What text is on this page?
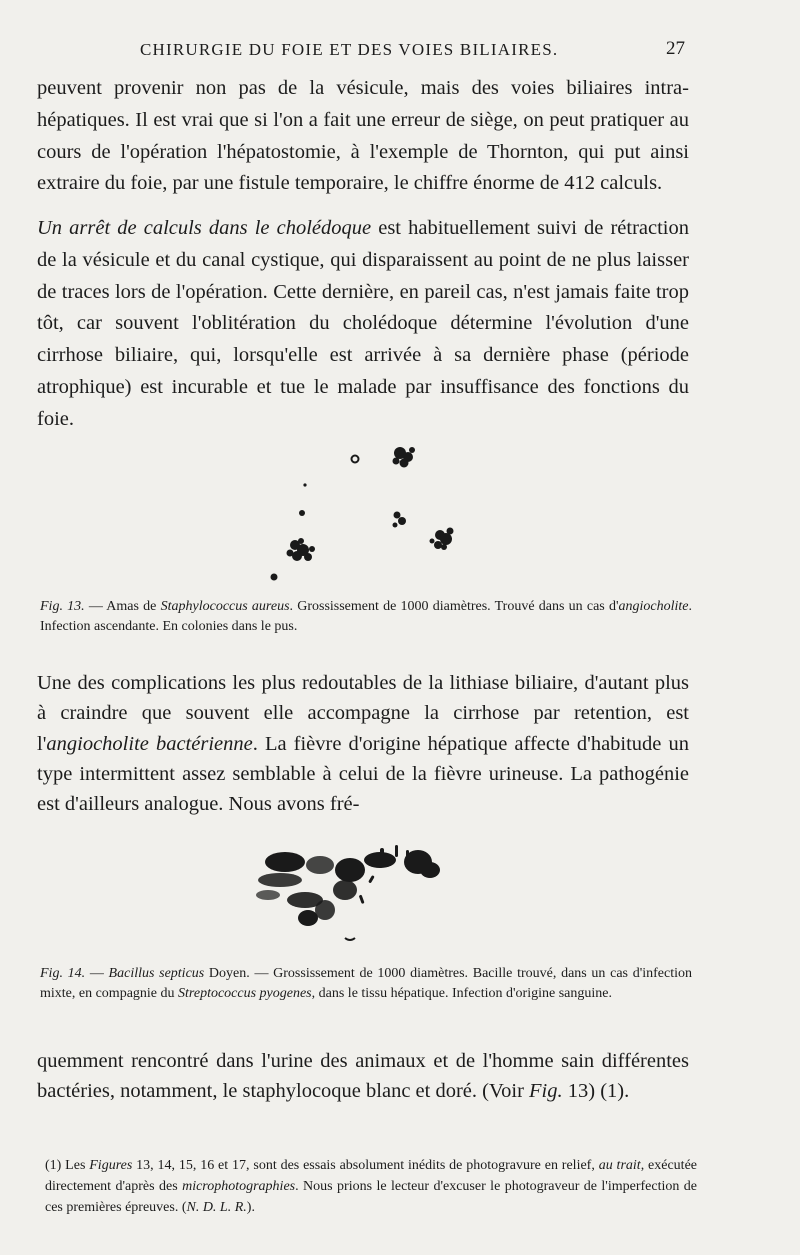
CHIRURGIE DU FOIE ET DES VOIES BILIAIRES.	27

peuvent provenir non pas de la vésicule, mais des voies biliaires intra-hépatiques. Il est vrai que si l'on a fait une erreur de siège, on peut pratiquer au cours de l'opération l'hépatostomie, à l'exemple de Thornton, qui put ainsi extraire du foie, par une fistule temporaire, le chiffre énorme de 412 calculs.

Un arrêt de calculs dans le cholédoque est habituellement suivi de rétraction de la vésicule et du canal cystique, qui disparaissent au point de ne plus laisser de traces lors de l'opération. Cette dernière, en pareil cas, n'est jamais faite trop tôt, car souvent l'oblitération du cholédoque détermine l'évolution d'une cirrhose biliaire, qui, lorsqu'elle est arrivée à sa dernière phase (période atrophique) est incurable et tue le malade par insuffisance des fonctions du foie.

Fig. 13. — Amas de Staphylococcus aureus. Grossissement de 1000 diamètres. Trouvé dans un cas d'angiocholite. Infection ascendante. En colonies dans le pus.

Une des complications les plus redoutables de la lithiase biliaire, d'autant plus à craindre que souvent elle accompagne la cirrhose par retention, est l'angiocholite bactérienne. La fièvre d'origine hépatique affecte d'habitude un type intermittent assez semblable à celui de la fièvre urineuse. La pathogénie est d'ailleurs analogue. Nous avons fré-

Fig. 14. — Bacillus septicus Doyen. — Grossissement de 1000 diamètres. Bacille trouvé, dans un cas d'infection mixte, en compagnie du Streptococcus pyogenes, dans le tissu hépatique. Infection d'origine sanguine.

quemment rencontré dans l'urine des animaux et de l'homme sain différentes bactéries, notamment, le staphylocoque blanc et doré. (Voir Fig. 13) (1).

(1) Les Figures 13, 14, 15, 16 et 17, sont des essais absolument inédits de photogravure en relief, au trait, exécutée directement d'après des microphotographies. Nous prions le lecteur d'excuser le photograveur de l'imperfection de ces premières épreuves. (N. D. L. R.).
